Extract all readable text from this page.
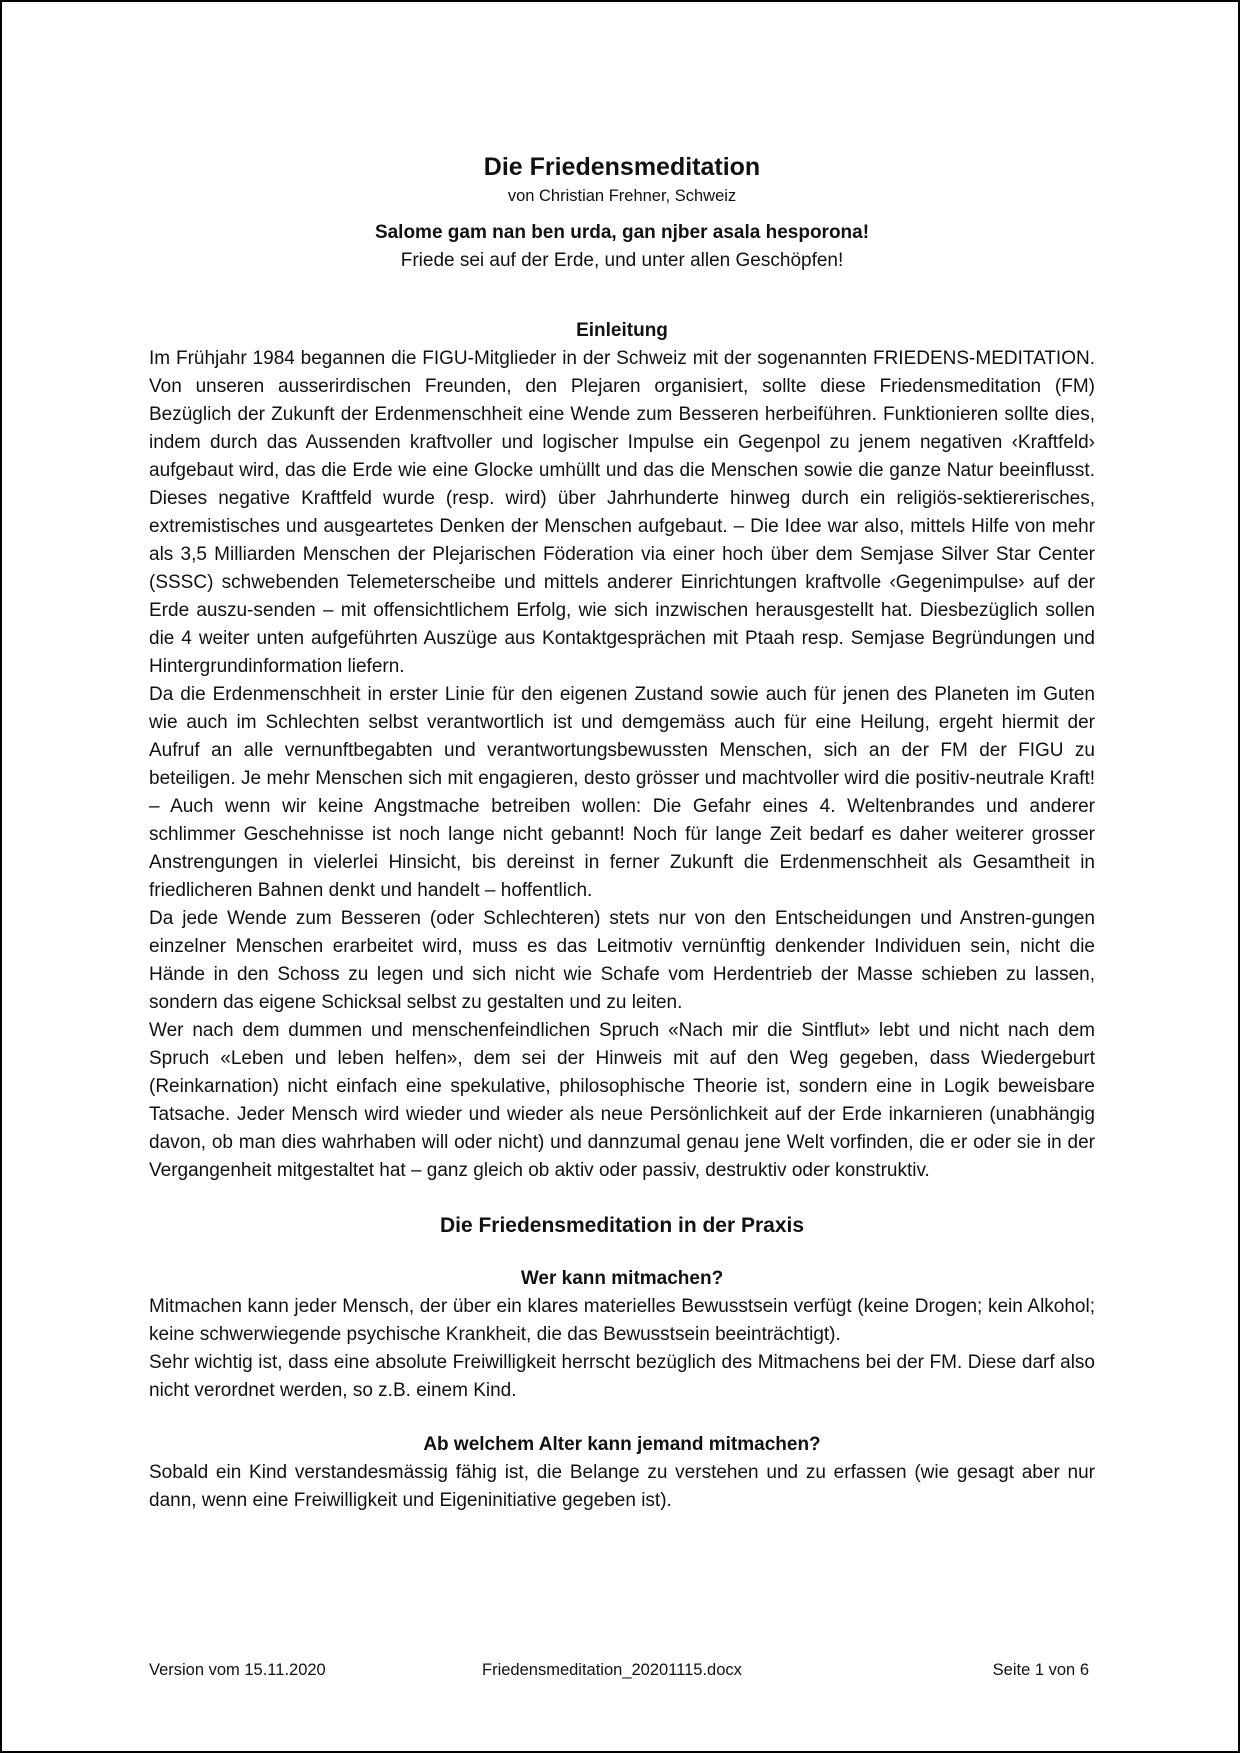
Die Friedensmeditation
von Christian Frehner, Schweiz
Salome gam nan ben urda, gan njber asala hesporona!
Friede sei auf der Erde, und unter allen Geschöpfen!
Einleitung

Im Frühjahr 1984 begannen die FIGU-Mitglieder in der Schweiz mit der sogenannten FRIEDENS-MEDITATION. Von unseren ausserirdischen Freunden, den Plejaren organisiert, sollte diese Friedensmeditation (FM) Bezüglich der Zukunft der Erdenmenschheit eine Wende zum Besseren herbeiführen. Funktionieren sollte dies, indem durch das Aussenden kraftvoller und logischer Impulse ein Gegenpol zu jenem negativen ‹Kraftfeld› aufgebaut wird, das die Erde wie eine Glocke umhüllt und das die Menschen sowie die ganze Natur beeinflusst. Dieses negative Kraftfeld wurde (resp. wird) über Jahrhunderte hinweg durch ein religiös-sektiererisches, extremistisches und ausgeartetes Denken der Menschen aufgebaut. – Die Idee war also, mittels Hilfe von mehr als 3,5 Milliarden Menschen der Plejarischen Föderation via einer hoch über dem Semjase Silver Star Center (SSSC) schwebenden Telemeterscheibe und mittels anderer Einrichtungen kraftvolle ‹Gegenimpulse› auf der Erde auszu-senden – mit offensichtlichem Erfolg, wie sich inzwischen herausgestellt hat. Diesbezüglich sollen die 4 weiter unten aufgeführten Auszüge aus Kontaktgesprächen mit Ptaah resp. Semjase Begründungen und Hintergrundinformation liefern.

Da die Erdenmenschheit in erster Linie für den eigenen Zustand sowie auch für jenen des Planeten im Guten wie auch im Schlechten selbst verantwortlich ist und demgemäss auch für eine Heilung, ergeht hiermit der Aufruf an alle vernunftbegabten und verantwortungsbewussten Menschen, sich an der FM der FIGU zu beteiligen. Je mehr Menschen sich mit engagieren, desto grösser und machtvoller wird die positiv-neutrale Kraft! – Auch wenn wir keine Angstmache betreiben wollen: Die Gefahr eines 4. Weltenbrandes und anderer schlimmer Geschehnisse ist noch lange nicht gebannt! Noch für lange Zeit bedarf es daher weiterer grosser Anstrengungen in vielerlei Hinsicht, bis dereinst in ferner Zukunft die Erdenmenschheit als Gesamtheit in friedlicheren Bahnen denkt und handelt – hoffentlich.

Da jede Wende zum Besseren (oder Schlechteren) stets nur von den Entscheidungen und Anstren-gungen einzelner Menschen erarbeitet wird, muss es das Leitmotiv vernünftig denkender Individuen sein, nicht die Hände in den Schoss zu legen und sich nicht wie Schafe vom Herdentrieb der Masse schieben zu lassen, sondern das eigene Schicksal selbst zu gestalten und zu leiten.

Wer nach dem dummen und menschenfeindlichen Spruch «Nach mir die Sintflut» lebt und nicht nach dem Spruch «Leben und leben helfen», dem sei der Hinweis mit auf den Weg gegeben, dass Wiedergeburt (Reinkarnation) nicht einfach eine spekulative, philosophische Theorie ist, sondern eine in Logik beweisbare Tatsache. Jeder Mensch wird wieder und wieder als neue Persönlichkeit auf der Erde inkarnieren (unabhängig davon, ob man dies wahrhaben will oder nicht) und dannzumal genau jene Welt vorfinden, die er oder sie in der Vergangenheit mitgestaltet hat – ganz gleich ob aktiv oder passiv, destruktiv oder konstruktiv.

Die Friedensmeditation in der Praxis
Wer kann mitmachen?

Mitmachen kann jeder Mensch, der über ein klares materielles Bewusstsein verfügt (keine Drogen; kein Alkohol; keine schwerwiegende psychische Krankheit, die das Bewusstsein beeinträchtigt).

Sehr wichtig ist, dass eine absolute Freiwilligkeit herrscht bezüglich des Mitmachens bei der FM. Diese darf also nicht verordnet werden, so z.B. einem Kind.

Ab welchem Alter kann jemand mitmachen?

Sobald ein Kind verstandesmässig fähig ist, die Belange zu verstehen und zu erfassen (wie gesagt aber nur dann, wenn eine Freiwilligkeit und Eigeninitiative gegeben ist).

Version vom 15.11.2020	Friedensmeditation_20201115.docx	Seite 1 von 6
